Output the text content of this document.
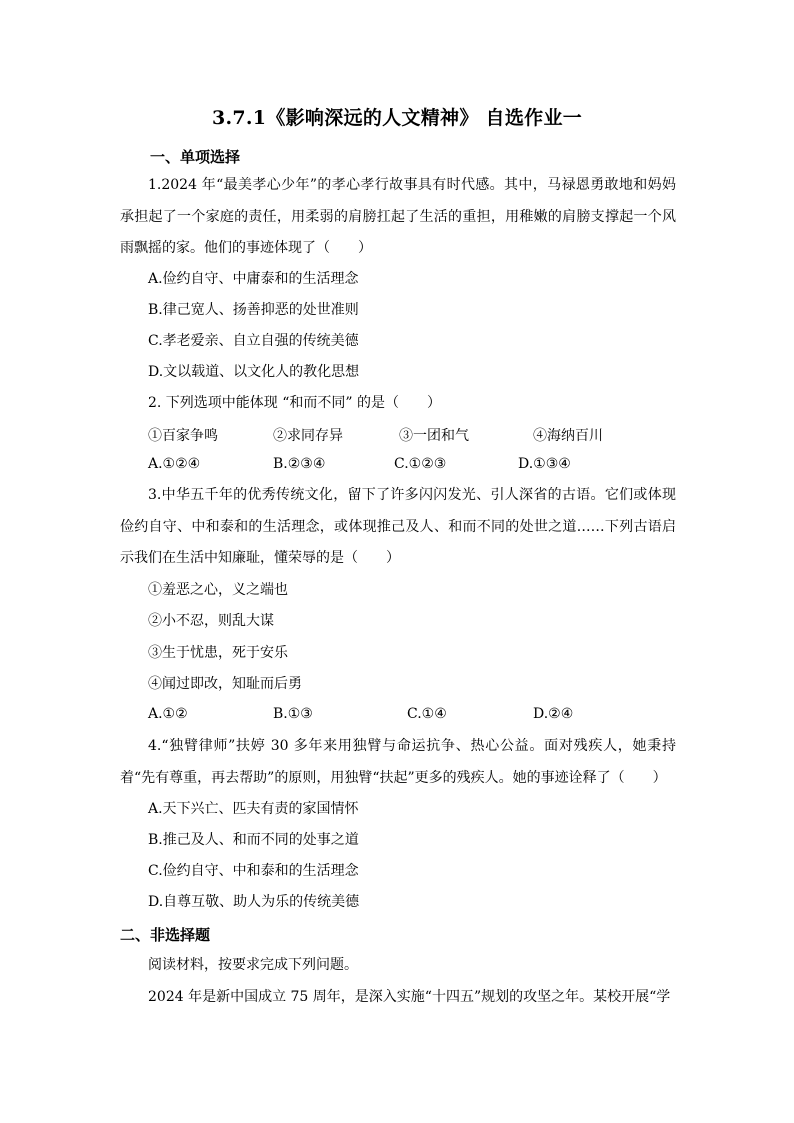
3.7.1《影响深远的人文精神》 自选作业一
一、单项选择
1.2024 年“最美孝心少年”的孝心孝行故事具有时代感。其中，马禄恩勇敢地和妈妈承担起了一个家庭的责任，用柔弱的肩膀扛起了生活的重担，用稚嫩的肩膀支撑起一个风雨飘摇的家。他们的事迹体现了（　　）
A.俭约自守、中庸泰和的生活理念
B.律己宽人、扬善抑恶的处世准则
C.孝老爱亲、自立自强的传统美德
D.文以载道、以文化人的教化思想
2. 下列选项中能体现 “和而不同” 的是（　　）
①百家争鸣	②求同存异	③一团和气	④海纳百川
A.①②④	B.②③④	C.①②③	D.①③④
3.中华五千年的优秀传统文化，留下了许多闪闪发光、引人深省的古语。它们或体现俭约自守、中和泰和的生活理念，或体现推己及人、和而不同的处世之道……下列古语启示我们在生活中知廉耻，懂荣辱的是（　　）
①羞恶之心，义之端也
②小不忍，则乱大谋
③生于忧患，死于安乐
④闻过即改，知耻而后勇
A.①②	B.①③	C.①④	D.②④
4.“独臂律师”扶婷 30 多年来用独臂与命运抗争、热心公益。面对残疾人，她秉持着“先有尊重，再去帮助”的原则，用独臂“扶起”更多的残疾人。她的事迹诠释了（　　）
A.天下兴亡、匹夫有责的家国情怀
B.推己及人、和而不同的处事之道
C.俭约自守、中和泰和的生活理念
D.自尊互敬、助人为乐的传统美德
二、非选择题
阅读材料，按要求完成下列问题。
2024 年是新中国成立 75 周年，是深入实施“十四五”规划的攻坚之年。某校开展“学
